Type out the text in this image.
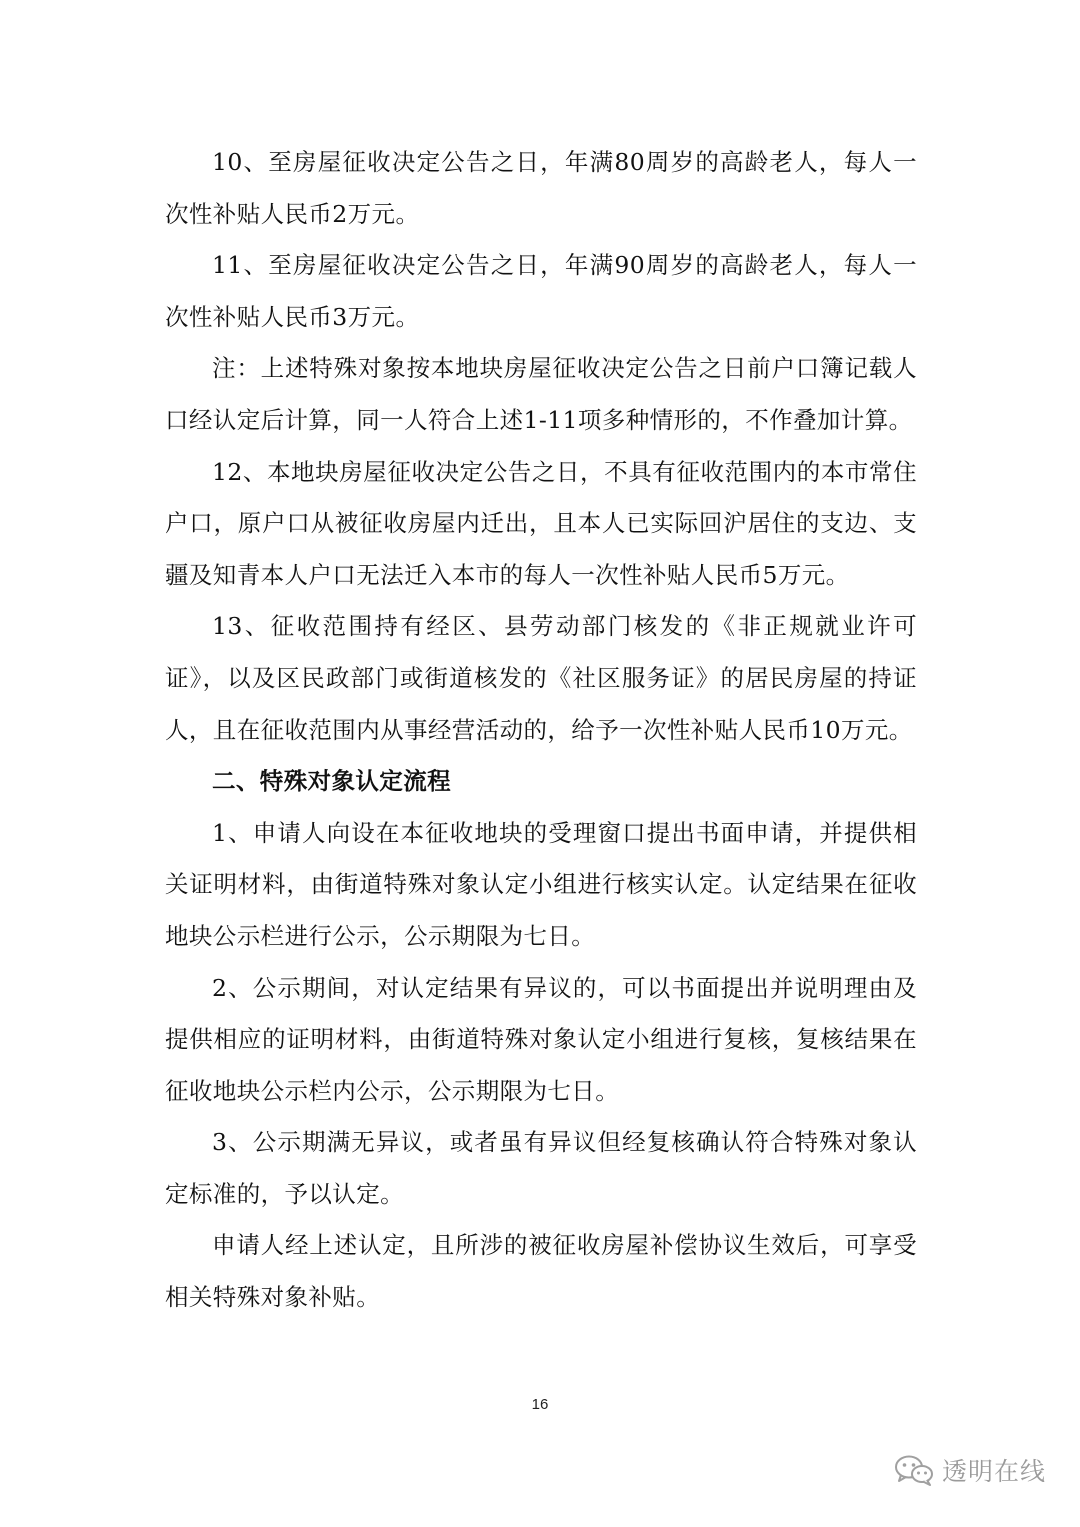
10、至房屋征收决定公告之日，年满80周岁的高龄老人，每人一次性补贴人民币2万元。

11、至房屋征收决定公告之日，年满90周岁的高龄老人，每人一次性补贴人民币3万元。

注：上述特殊对象按本地块房屋征收决定公告之日前户口簿记载人口经认定后计算，同一人符合上述1-11项多种情形的，不作叠加计算。

12、本地块房屋征收决定公告之日，不具有征收范围内的本市常住户口，原户口从被征收房屋内迁出，且本人已实际回沪居住的支边、支疆及知青本人户口无法迁入本市的每人一次性补贴人民币5万元。

13、征收范围持有经区、县劳动部门核发的《非正规就业许可证》，以及区民政部门或街道核发的《社区服务证》的居民房屋的持证人，且在征收范围内从事经营活动的，给予一次性补贴人民币10万元。

二、特殊对象认定流程

1、申请人向设在本征收地块的受理窗口提出书面申请，并提供相关证明材料，由街道特殊对象认定小组进行核实认定。认定结果在征收地块公示栏进行公示，公示期限为七日。

2、公示期间，对认定结果有异议的，可以书面提出并说明理由及提供相应的证明材料，由街道特殊对象认定小组进行复核，复核结果在征收地块公示栏内公示，公示期限为七日。

3、公示期满无异议，或者虽有异议但经复核确认符合特殊对象认定标准的，予以认定。

申请人经上述认定，且所涉的被征收房屋补偿协议生效后，可享受相关特殊对象补贴。

16
透明在线
